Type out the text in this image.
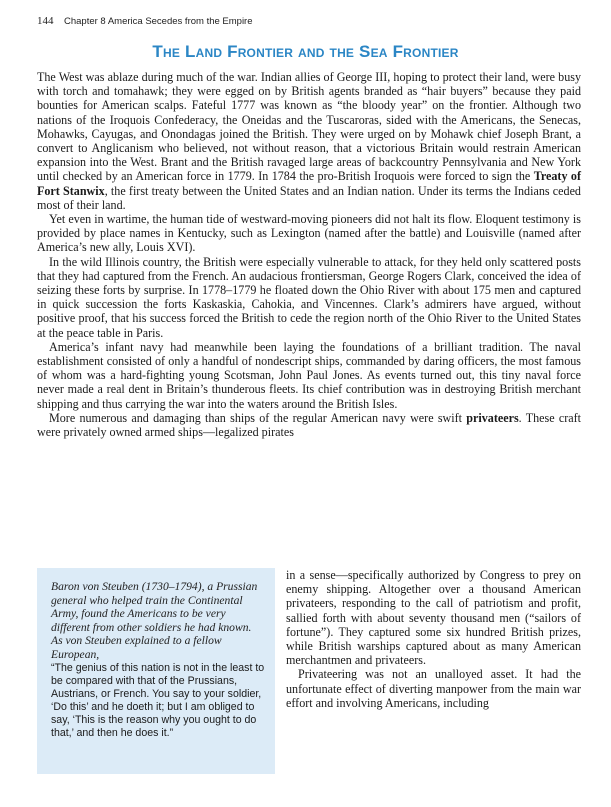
144 Chapter 8 America Secedes from the Empire
The Land Frontier and the Sea Frontier

The West was ablaze during much of the war. Indian allies of George III, hoping to protect their land, were busy with torch and tomahawk; they were egged on by British agents branded as “hair buyers” because they paid bounties for American scalps. Fateful 1777 was known as “the bloody year” on the frontier. Although two nations of the Iroquois Confederacy, the Oneidas and the Tuscaroras, sided with the Americans, the Senecas, Mohawks, Cayugas, and Onondagas joined the British. They were urged on by Mohawk chief Joseph Brant, a convert to Anglicanism who believed, not without reason, that a victorious Britain would restrain American expansion into the West. Brant and the British ravaged large areas of backcountry Pennsylvania and New York until checked by an American force in 1779. In 1784 the pro-British Iroquois were forced to sign the Treaty of Fort Stanwix, the first treaty between the United States and an Indian nation. Under its terms the Indians ceded most of their land.

Yet even in wartime, the human tide of westward-moving pioneers did not halt its flow. Eloquent testimony is provided by place names in Kentucky, such as Lexington (named after the battle) and Louisville (named after America’s new ally, Louis XVI).

In the wild Illinois country, the British were especially vulnerable to attack, for they held only scattered posts that they had captured from the French. An audacious frontiersman, George Rogers Clark, conceived the idea of seizing these forts by surprise. In 1778–1779 he floated down the Ohio River with about 175 men and captured in quick succession the forts Kaskaskia, Cahokia, and Vincennes. Clark’s admirers have argued, without positive proof, that his success forced the British to cede the region north of the Ohio River to the United States at the peace table in Paris.

America’s infant navy had meanwhile been laying the foundations of a brilliant tradition. The naval establishment consisted of only a handful of nondescript ships, commanded by daring officers, the most famous of whom was a hard-fighting young Scotsman, John Paul Jones. As events turned out, this tiny naval force never made a real dent in Britain’s thunderous fleets. Its chief contribution was in destroying British merchant shipping and thus carrying the war into the waters around the British Isles.

More numerous and damaging than ships of the regular American navy were swift privateers. These craft were privately owned armed ships—legalized pirates

Baron von Steuben (1730–1794), a Prussian general who helped train the Continental Army, found the Americans to be very different from other soldiers he had known. As von Steuben explained to a fellow European,
“The genius of this nation is not in the least to be compared with that of the Prussians, Austrians, or French. You say to your soldier, ‘Do this’ and he doeth it; but I am obliged to say, ‘This is the reason why you ought to do that,’ and then he does it.”

in a sense—specifically authorized by Congress to prey on enemy shipping. Altogether over a thousand American privateers, responding to the call of patriotism and profit, sallied forth with about seventy thousand men (“sailors of fortune”). They captured some six hundred British prizes, while British warships captured about as many American merchantmen and privateers.

Privateering was not an unalloyed asset. It had the unfortunate effect of diverting manpower from the main war effort and involving Americans, including
